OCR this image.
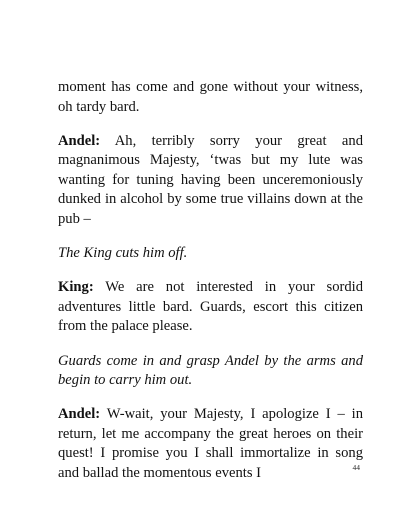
moment has come and gone without your witness, oh tardy bard.

Andel: Ah, terribly sorry your great and magnanimous Majesty, ‘twas but my lute was wanting for tuning having been unceremoniously dunked in alcohol by some true villains down at the pub –

The King cuts him off.

King: We are not interested in your sordid adventures little bard. Guards, escort this citizen from the palace please.

Guards come in and grasp Andel by the arms and begin to carry him out.

Andel: W-wait, your Majesty, I apologize I – in return, let me accompany the great heroes on their quest! I promise you I shall immortalize in song and ballad the momentous events I	44
